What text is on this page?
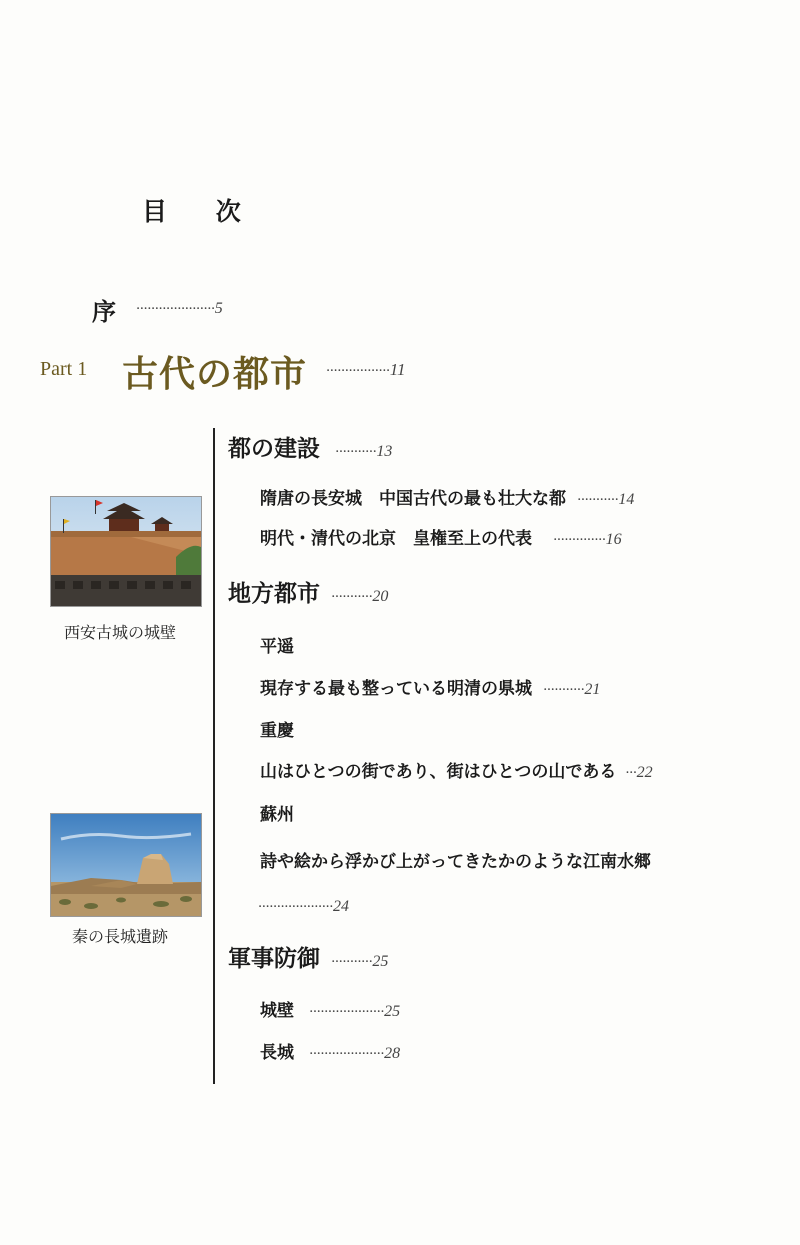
目 次
序 ·····················5
Part 1 古代の都市 ·················11
都の建設 ···········13
隋唐の長安城　中国古代の最も壮大な都 ···········14
明代・清代の北京　皇権至上の代表 ··············16
地方都市 ···········20
平遥
現存する最も整っている明清の県城 ···········21
重慶
山はひとつの街であり、街はひとつの山である ···22
蘇州
詩や絵から浮かび上がってきたかのような江南水郷
····················24
軍事防御 ···········25
城壁 ····················25
長城 ····················28
西安古城の城壁
秦の長城遺跡
